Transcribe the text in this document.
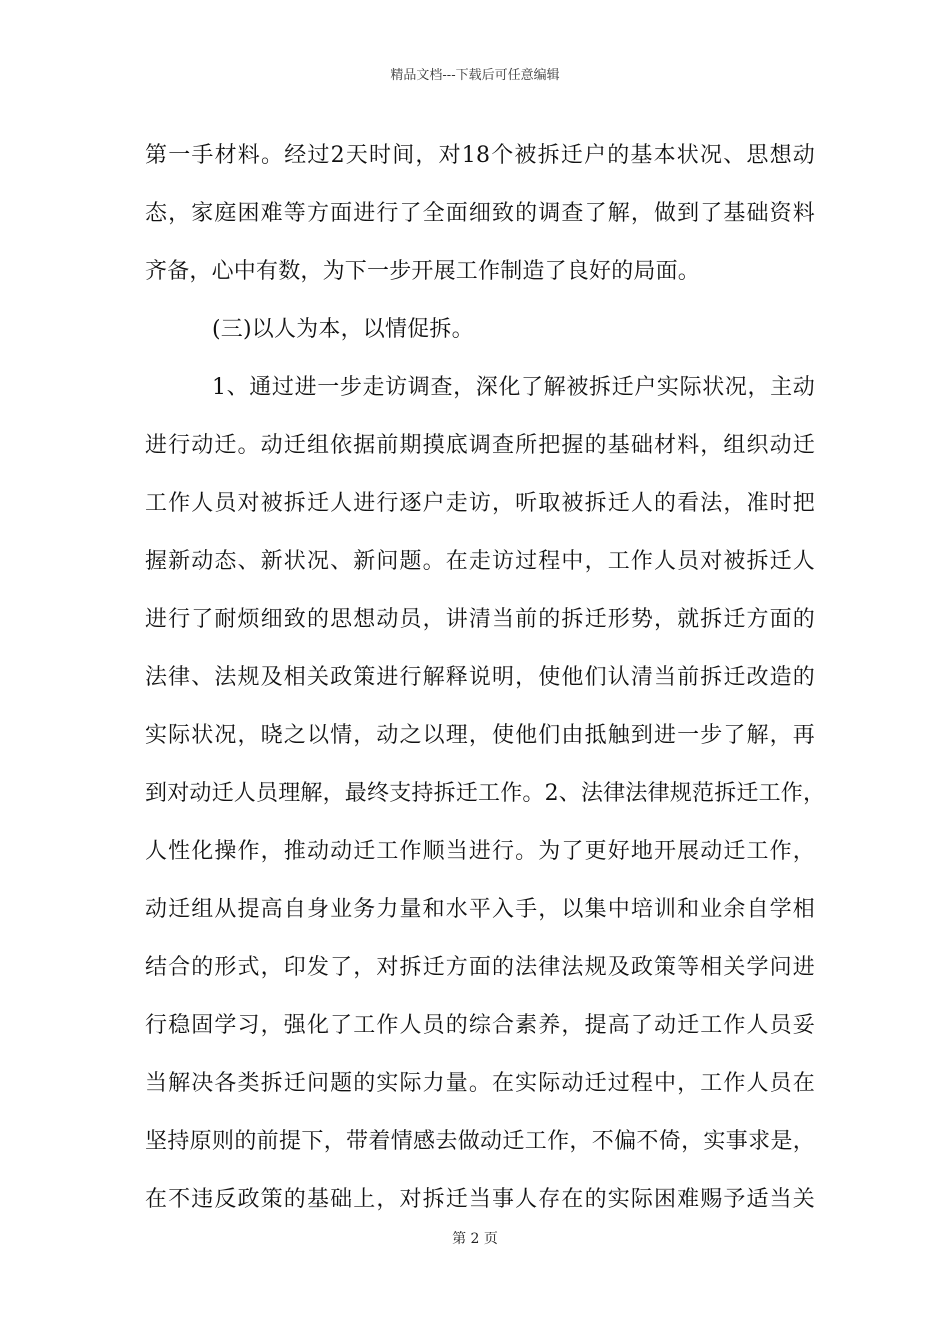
精品文档---下载后可任意编辑
第一手材料。经过2天时间，对18个被拆迁户的基本状况、思想动
态，家庭困难等方面进行了全面细致的调查了解，做到了基础资料
齐备，心中有数，为下一步开展工作制造了良好的局面。
(三)以人为本，以情促拆。
1、通过进一步走访调查，深化了解被拆迁户实际状况，主动
进行动迁。动迁组依据前期摸底调查所把握的基础材料，组织动迁
工作人员对被拆迁人进行逐户走访，听取被拆迁人的看法，准时把
握新动态、新状况、新问题。在走访过程中，工作人员对被拆迁人
进行了耐烦细致的思想动员，讲清当前的拆迁形势，就拆迁方面的
法律、法规及相关政策进行解释说明，使他们认清当前拆迁改造的
实际状况，晓之以情，动之以理，使他们由抵触到进一步了解，再
到对动迁人员理解，最终支持拆迁工作。2、法律法律规范拆迁工作，
人性化操作，推动动迁工作顺当进行。为了更好地开展动迁工作，
动迁组从提高自身业务力量和水平入手，以集中培训和业余自学相
结合的形式，印发了，对拆迁方面的法律法规及政策等相关学问进
行稳固学习，强化了工作人员的综合素养，提高了动迁工作人员妥
当解决各类拆迁问题的实际力量。在实际动迁过程中，工作人员在
坚持原则的前提下，带着情感去做动迁工作，不偏不倚，实事求是，
在不违反政策的基础上，对拆迁当事人存在的实际困难赐予适当关
第 2 页
